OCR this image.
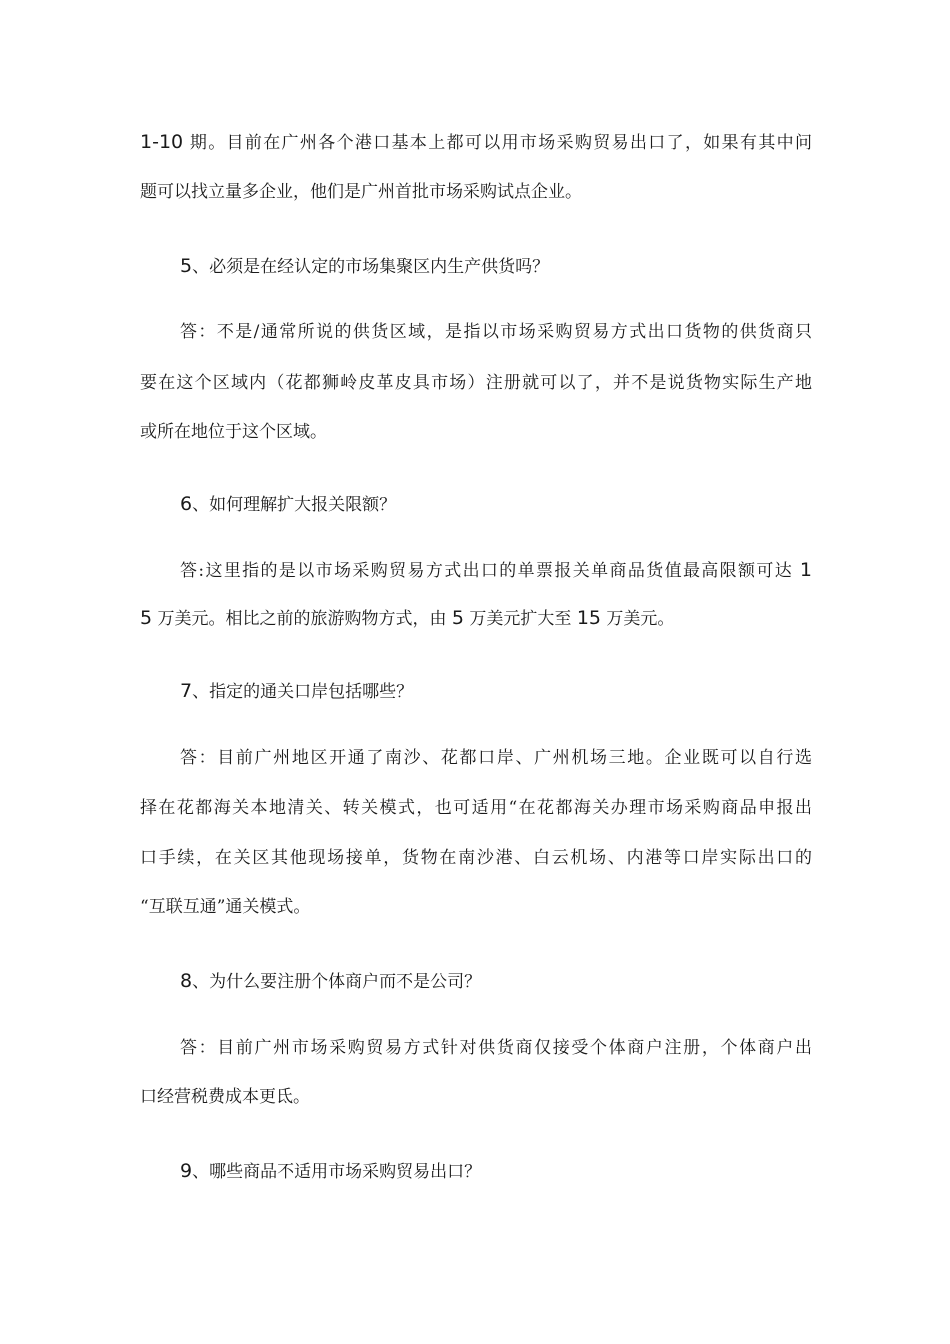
1-10 期。目前在广州各个港口基本上都可以用市场采购贸易出口了，如果有其中问

题可以找立量多企业，他们是广州首批市场采购试点企业。

5、必须是在经认定的市场集聚区内生产供货吗？

答：不是/通常所说的供货区域，是指以市场采购贸易方式出口货物的供货商只

要在这个区域内（花都狮岭皮革皮具市场）注册就可以了，并不是说货物实际生产地

或所在地位于这个区域。

6、如何理解扩大报关限额？

答:这里指的是以市场采购贸易方式出口的单票报关单商品货值最高限额可达 1

5 万美元。相比之前的旅游购物方式，由 5 万美元扩大至 15 万美元。

7、指定的通关口岸包括哪些？

答：目前广州地区开通了南沙、花都口岸、广州机场三地。企业既可以自行选

择在花都海关本地清关、转关模式，也可适用“在花都海关办理市场采购商品申报出

口手续，在关区其他现场接单，货物在南沙港、白云机场、内港等口岸实际出口的

“互联互通”通关模式。

8、为什么要注册个体商户而不是公司？

答：目前广州市场采购贸易方式针对供货商仅接受个体商户注册，个体商户出

口经营税费成本更氐。

9、哪些商品不适用市场采购贸易出口？
